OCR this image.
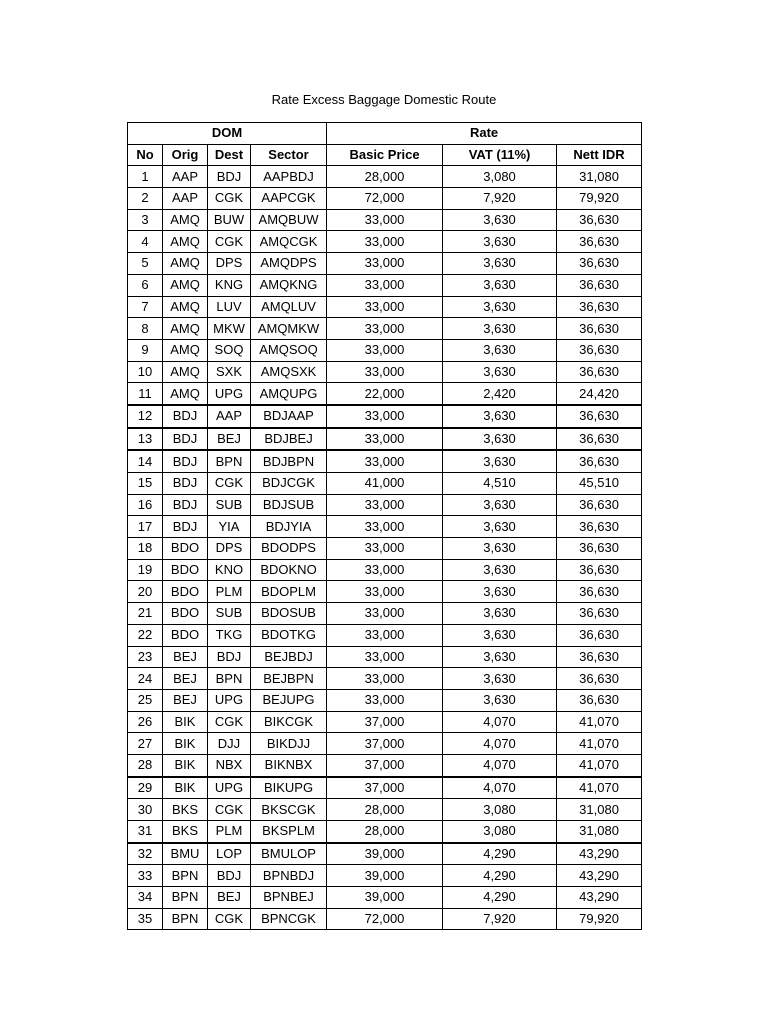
Rate Excess Baggage Domestic Route
DOM				Rate		
No	Orig	Dest	Sector	Basic Price	VAT (11%)	Nett IDR
1	AAP	BDJ	AAPBDJ	28,000	3,080	31,080
2	AAP	CGK	AAPCGK	72,000	7,920	79,920
3	AMQ	BUW	AMQBUW	33,000	3,630	36,630
4	AMQ	CGK	AMQCGK	33,000	3,630	36,630
5	AMQ	DPS	AMQDPS	33,000	3,630	36,630
6	AMQ	KNG	AMQKNG	33,000	3,630	36,630
7	AMQ	LUV	AMQLUV	33,000	3,630	36,630
8	AMQ	MKW	AMQMKW	33,000	3,630	36,630
9	AMQ	SOQ	AMQSOQ	33,000	3,630	36,630
10	AMQ	SXK	AMQSXK	33,000	3,630	36,630
11	AMQ	UPG	AMQUPG	22,000	2,420	24,420
12	BDJ	AAP	BDJAAP	33,000	3,630	36,630
13	BDJ	BEJ	BDJBEJ	33,000	3,630	36,630
14	BDJ	BPN	BDJBPN	33,000	3,630	36,630
15	BDJ	CGK	BDJCGK	41,000	4,510	45,510
16	BDJ	SUB	BDJSUB	33,000	3,630	36,630
17	BDJ	YIA	BDJYIA	33,000	3,630	36,630
18	BDO	DPS	BDODPS	33,000	3,630	36,630
19	BDO	KNO	BDOKNO	33,000	3,630	36,630
20	BDO	PLM	BDOPLM	33,000	3,630	36,630
21	BDO	SUB	BDOSUB	33,000	3,630	36,630
22	BDO	TKG	BDOTKG	33,000	3,630	36,630
23	BEJ	BDJ	BEJBDJ	33,000	3,630	36,630
24	BEJ	BPN	BEJBPN	33,000	3,630	36,630
25	BEJ	UPG	BEJUPG	33,000	3,630	36,630
26	BIK	CGK	BIKCGK	37,000	4,070	41,070
27	BIK	DJJ	BIKDJJ	37,000	4,070	41,070
28	BIK	NBX	BIKNBX	37,000	4,070	41,070
29	BIK	UPG	BIKUPG	37,000	4,070	41,070
30	BKS	CGK	BKSCGK	28,000	3,080	31,080
31	BKS	PLM	BKSPLM	28,000	3,080	31,080
32	BMU	LOP	BMULOP	39,000	4,290	43,290
33	BPN	BDJ	BPNBDJ	39,000	4,290	43,290
34	BPN	BEJ	BPNBEJ	39,000	4,290	43,290
35	BPN	CGK	BPNCGK	72,000	7,920	79,920
